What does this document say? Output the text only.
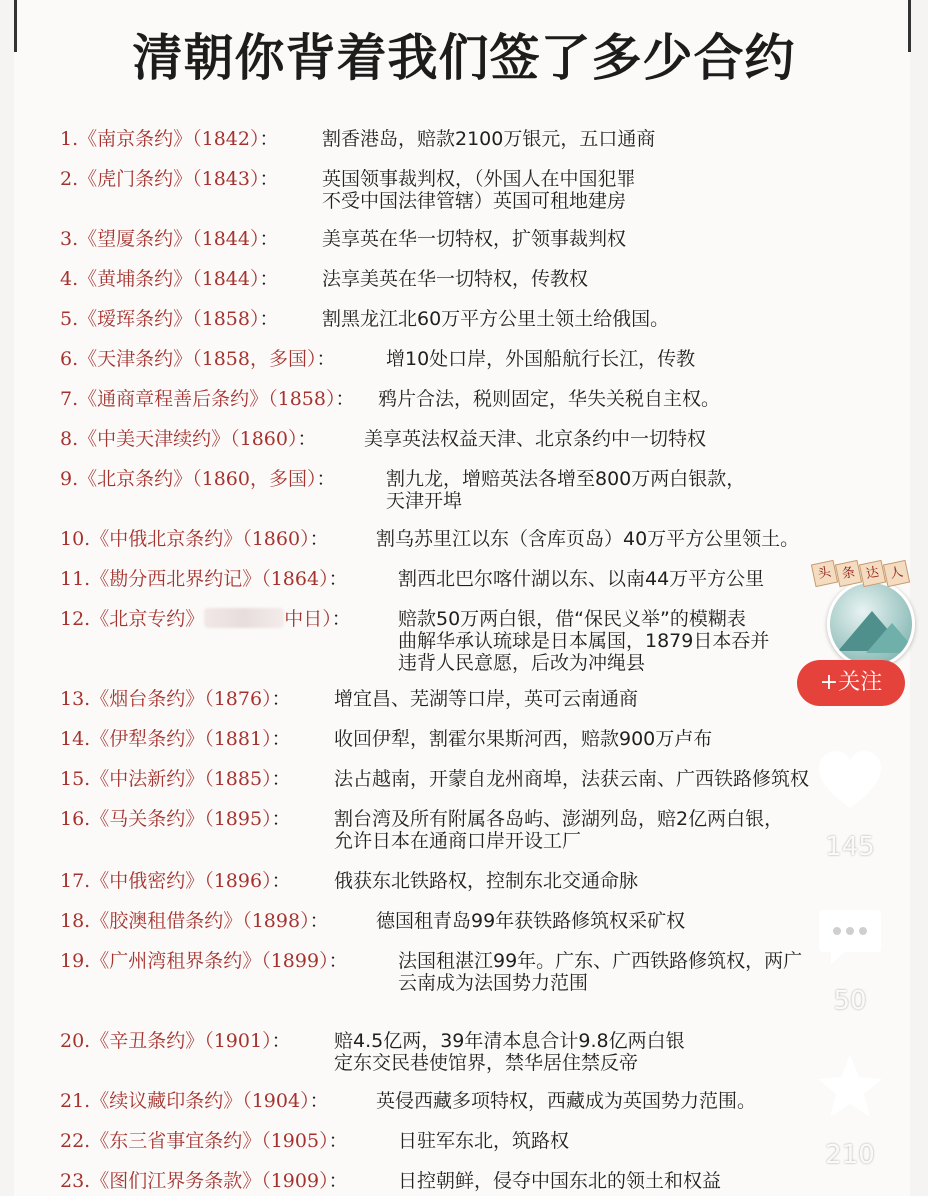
清朝你背着我们签了多少合约
1.《南京条约》（1842）： 割香港岛，赔款2100万银元，五口通商
2.《虎门条约》（1843）： 英国领事裁判权，（外国人在中国犯罪
不受中国法律管辖）英国可租地建房
3.《望厦条约》（1844）： 美享英在华一切特权，扩领事裁判权
4.《黄埔条约》（1844）： 法享美英在华一切特权，传教权
5.《瑷珲条约》（1858）： 割黑龙江北60万平方公里土领土给俄国。
6.《天津条约》（1858，多国）：	增10处口岸，外国船航行长江，传教
7.《通商章程善后条约》（1858）： 鸦片合法，税则固定，华失关税自主权。
8.《中美天津续约》（1860）：	美享英法权益天津、北京条约中一切特权
9.《北京条约》（1860，多国）：	割九龙，增赔英法各增至800万两白银款，
天津开埠
10.《中俄北京条约》（1860）： 割乌苏里江以东（含库页岛）40万平方公里领土。
11.《勘分西北界约记》（1864）：	割西北巴尔喀什湖以东、以南44万平方公里
12.《北京专约》	中日）： 赔款50万两白银，借“保民义举”的模糊表
曲解华承认琉球是日本属国，1879日本吞并
违背人民意愿，后改为冲绳县
13.《烟台条约》（1876）： 增宜昌、芜湖等口岸，英可云南通商
14.《伊犁条约》（1881）： 收回伊犁，割霍尔果斯河西，赔款900万卢布
15.《中法新约》（1885）： 法占越南，开蒙自龙州商埠，法获云南、广西铁路修筑权
16.《马关条约》（1895）： 割台湾及所有附属各岛屿、澎湖列岛，赔2亿两白银，
允许日本在通商口岸开设工厂
17.《中俄密约》（1896）： 俄获东北铁路权，控制东北交通命脉
18.《胶澳租借条约》（1898）： 德国租青岛99年获铁路修筑权采矿权
19.《广州湾租界条约》（1899）：	法国租湛江99年。广东、广西铁路修筑权，两广
云南成为法国势力范围
20.《辛丑条约》（1901）： 赔4.5亿两，39年清本息合计9.8亿两白银
定东交民巷使馆界，禁华居住禁反帝
21.《续议藏印条约》（1904）： 英侵西藏多项特权，西藏成为英国势力范围。
22.《东三省事宜条约》（1905）：	日驻军东北，筑路权
23.《图们江界务条款》（1909）：	日控朝鲜，侵夺中国东北的领土和权益
头 条 达 人
+关注
145
50
210
